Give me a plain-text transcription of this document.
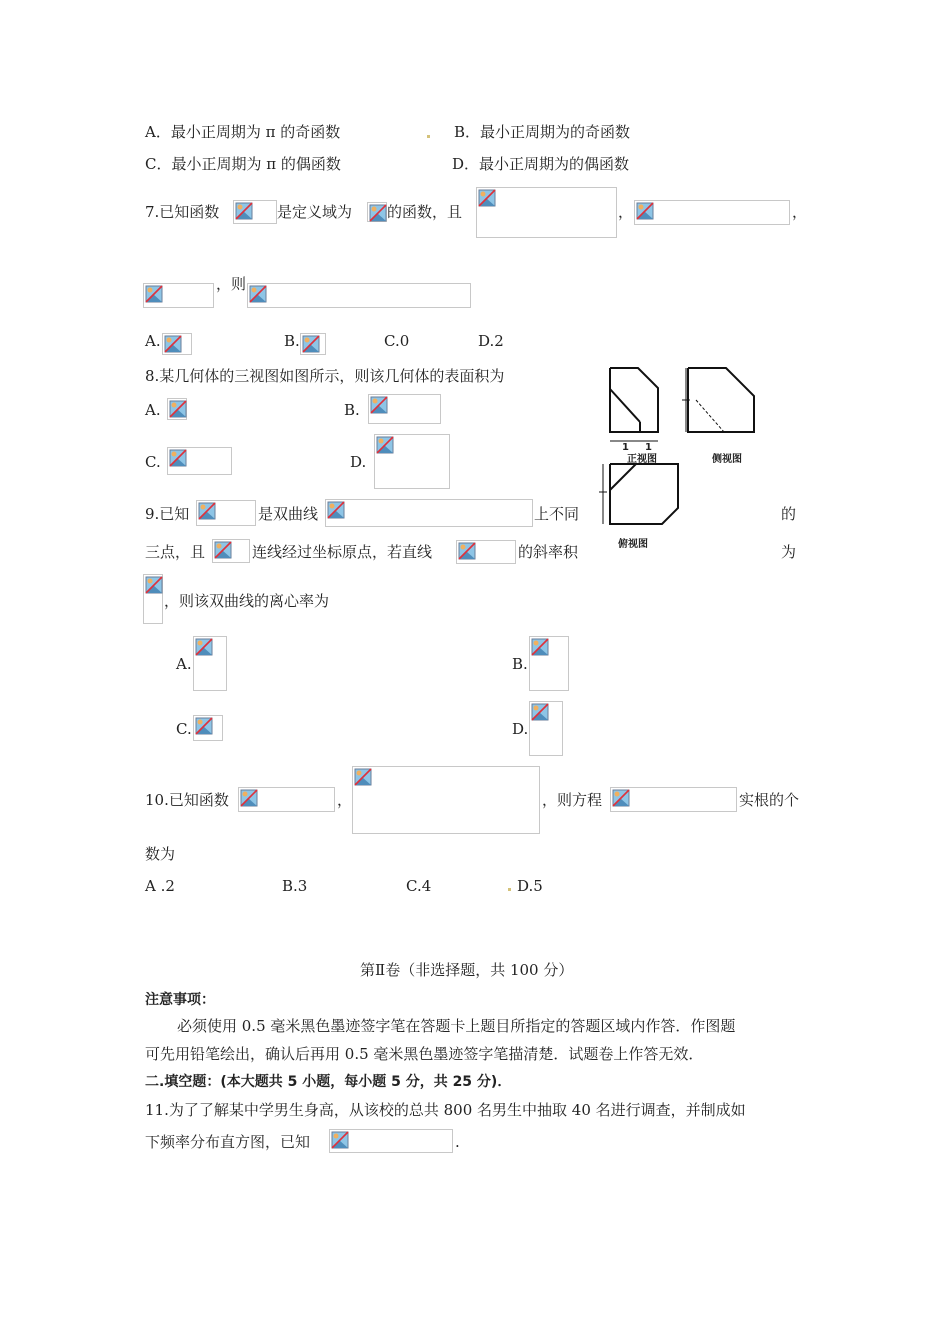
A．最小正周期为 π 的奇函数	B．最小正周期为的奇函数
C．最小正周期为 π 的偶函数	D．最小正周期为的偶函数
7.已知函数	是定义域为 的函数，且	，	，
，则
A.	B.	C.0	D.2
8.某几何体的三视图如图所示，则该几何体的表面积为
A.	B.
C.	D.
1 1
正视图	侧视图
俯视图
9.已知	是双曲线	上不同	的
三点，且	连线经过坐标原点，若直线	的斜率积	为
，则该双曲线的离心率为
A.	B.
C.	D.
10.已知函数	，	，则方程	实根的个
数为
A .2	B.3	C.4	D.5
第Ⅱ卷（非选择题，共 100 分）
注意事项：
必须使用 0.5 毫米黑色墨迹签字笔在答题卡上题目所指定的答题区域内作答．作图题
可先用铅笔绘出，确认后再用 0.5 毫米黑色墨迹签字笔描清楚．试题卷上作答无效．
二.填空题：(本大题共 5 小题，每小题 5 分，共 25 分)．
11.为了了解某中学男生身高，从该校的总共 800 名男生中抽取 40 名进行调查，并制成如
下频率分布直方图，已知	.
